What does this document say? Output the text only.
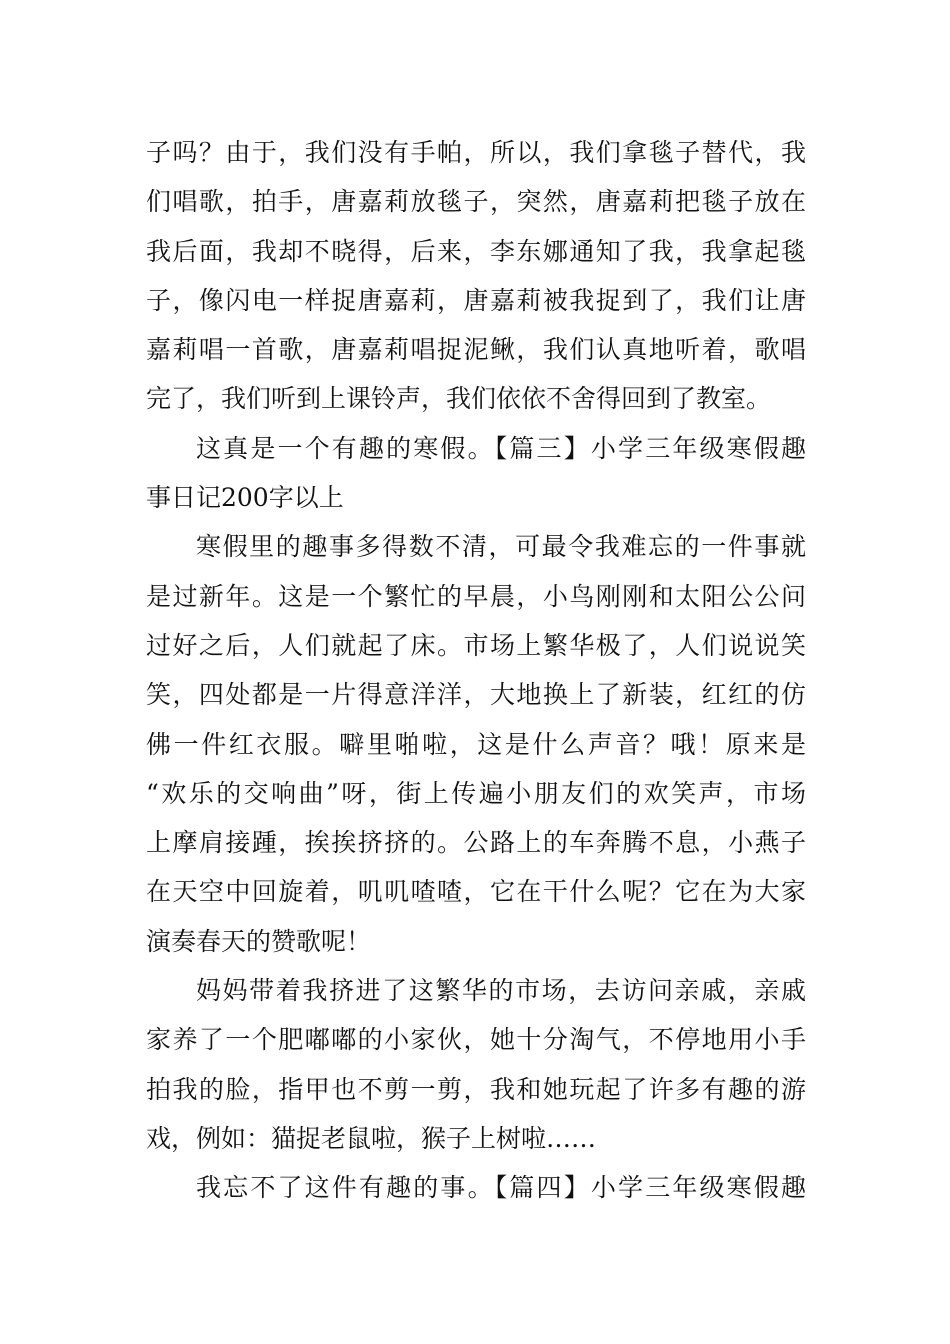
子吗？由于，我们没有手帕，所以，我们拿毯子替代，我
们唱歌，拍手，唐嘉莉放毯子，突然，唐嘉莉把毯子放在
我后面，我却不晓得，后来，李东娜通知了我，我拿起毯
子，像闪电一样捉唐嘉莉，唐嘉莉被我捉到了，我们让唐
嘉莉唱一首歌，唐嘉莉唱捉泥鳅，我们认真地听着，歌唱
完了，我们听到上课铃声，我们依依不舍得回到了教室。
这真是一个有趣的寒假。【篇三】小学三年级寒假趣
事日记200字以上
寒假里的趣事多得数不清，可最令我难忘的一件事就
是过新年。这是一个繁忙的早晨，小鸟刚刚和太阳公公问
过好之后，人们就起了床。市场上繁华极了，人们说说笑
笑，四处都是一片得意洋洋，大地换上了新装，红红的仿
佛一件红衣服。噼里啪啦，这是什么声音？哦！原来是
“欢乐的交响曲”呀，街上传遍小朋友们的欢笑声，市场
上摩肩接踵，挨挨挤挤的。公路上的车奔腾不息，小燕子
在天空中回旋着，叽叽喳喳，它在干什么呢？它在为大家
演奏春天的赞歌呢！
妈妈带着我挤进了这繁华的市场，去访问亲戚，亲戚
家养了一个肥嘟嘟的小家伙，她十分淘气，不停地用小手
拍我的脸，指甲也不剪一剪，我和她玩起了许多有趣的游
戏，例如：猫捉老鼠啦，猴子上树啦……
我忘不了这件有趣的事。【篇四】小学三年级寒假趣
